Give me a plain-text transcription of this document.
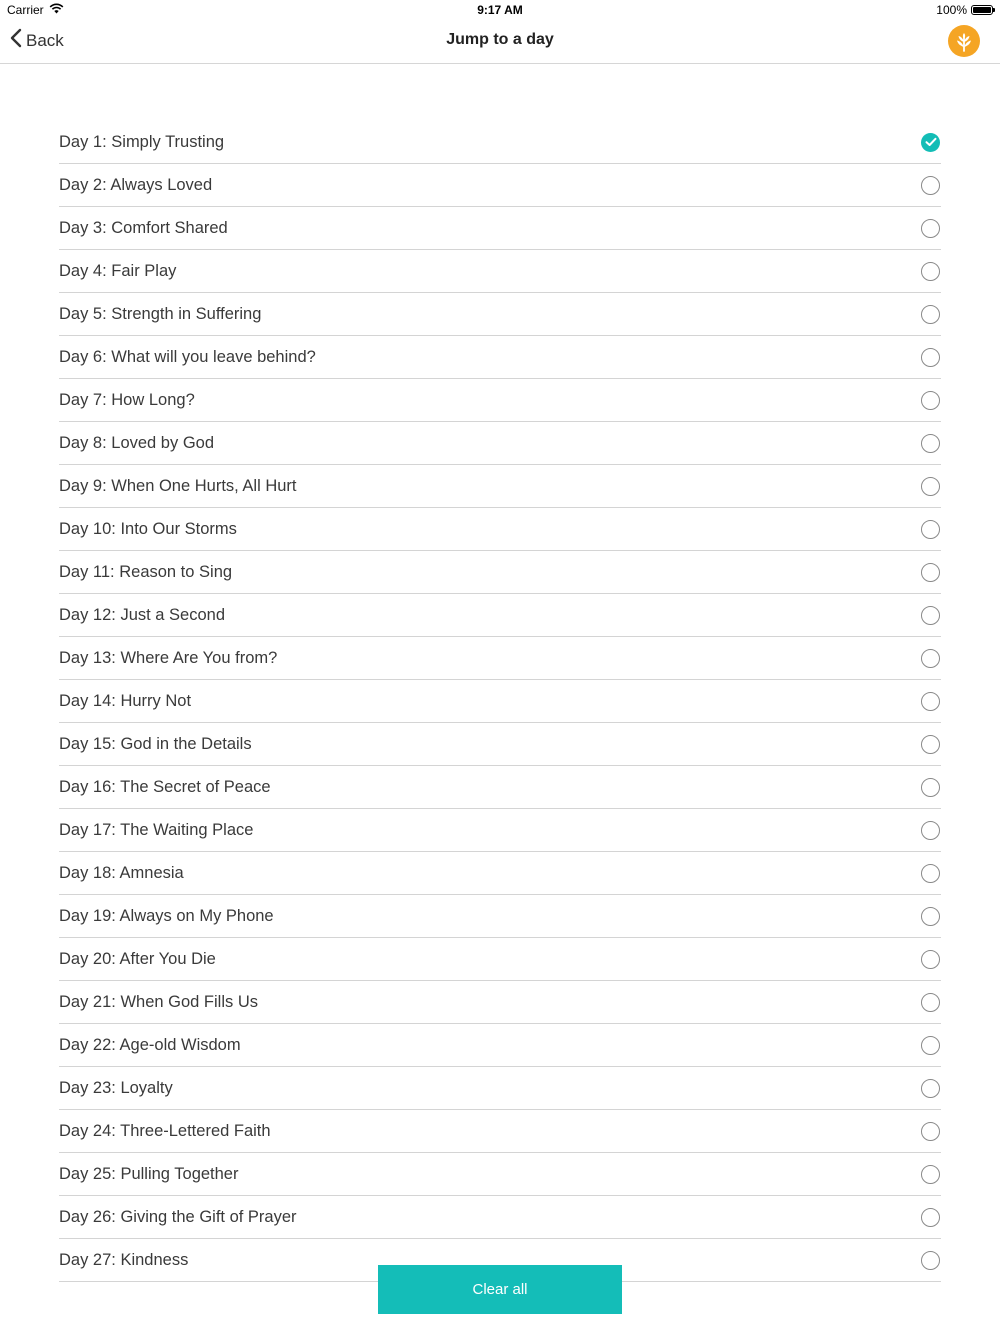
Carrier	9:17 AM	100%
Back	Jump to a day
Day 1: Simply Trusting
Day 2: Always Loved
Day 3: Comfort Shared
Day 4: Fair Play
Day 5: Strength in Suffering
Day 6: What will you leave behind?
Day 7: How Long?
Day 8: Loved by God
Day 9: When One Hurts, All Hurt
Day 10: Into Our Storms
Day 11: Reason to Sing
Day 12: Just a Second
Day 13: Where Are You from?
Day 14: Hurry Not
Day 15: God in the Details
Day 16: The Secret of Peace
Day 17: The Waiting Place
Day 18: Amnesia
Day 19: Always on My Phone
Day 20: After You Die
Day 21: When God Fills Us
Day 22: Age-old Wisdom
Day 23: Loyalty
Day 24: Three-Lettered Faith
Day 25: Pulling Together
Day 26: Giving the Gift of Prayer
Day 27: Kindness
Clear all
